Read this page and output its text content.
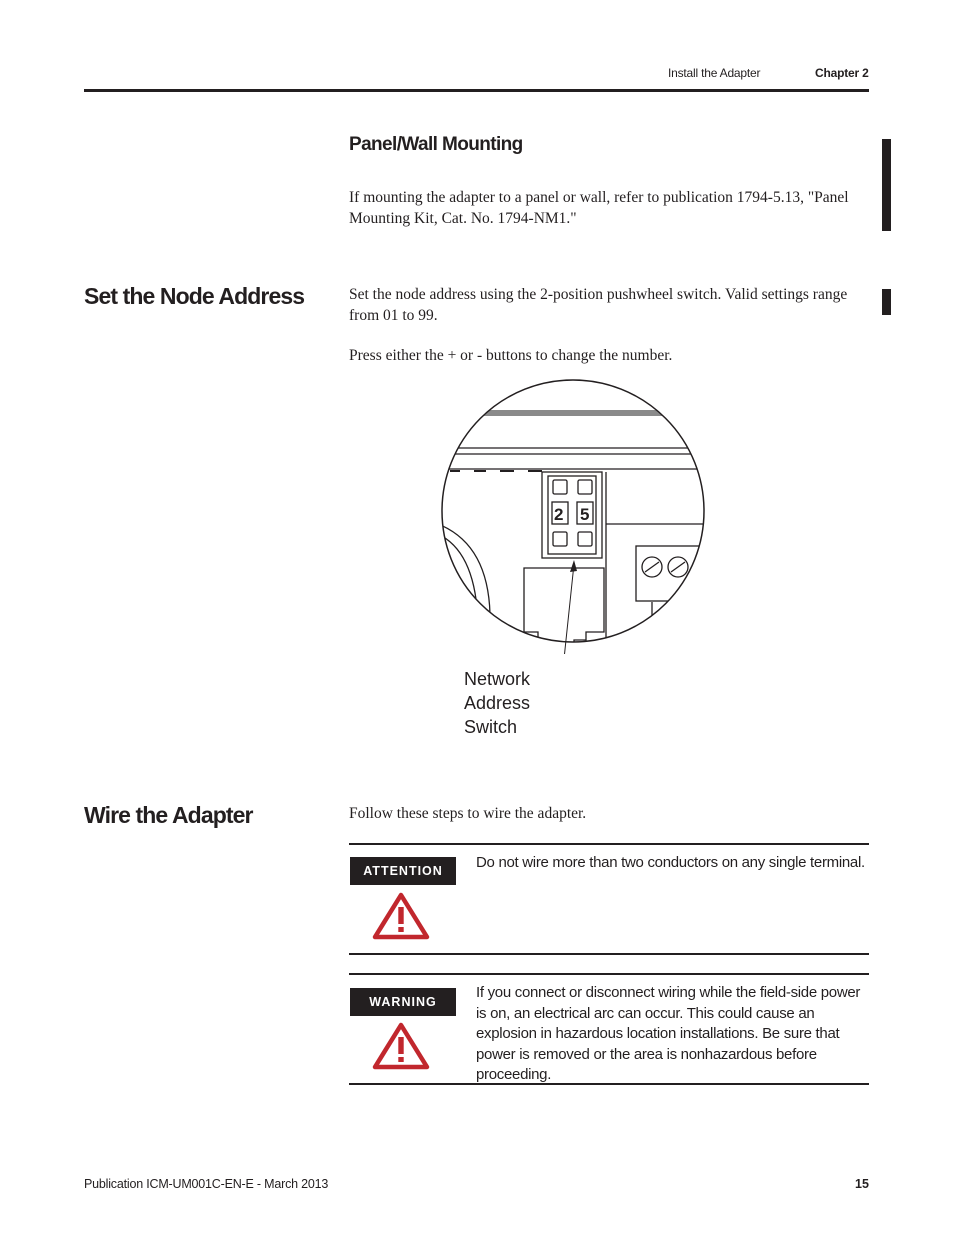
Install the Adapter	Chapter 2
Panel/Wall Mounting
If mounting the adapter to a panel or wall, refer to publication 1794-5.13, "Panel Mounting Kit, Cat. No. 1794-NM1."
Set the Node Address	Set the node address using the 2-position pushwheel switch. Valid settings range from 01 to 99.
Press either the + or - buttons to change the number.
2 5
Network
Address
Switch
Wire the Adapter	Follow these steps to wire the adapter.
ATTENTION	Do not wire more than two conductors on any single terminal.
WARNING
If you connect or disconnect wiring while the field-side power is on, an electrical arc can occur. This could cause an explosion in hazardous location installations. Be sure that power is removed or the area is nonhazardous before proceeding.
Publication ICM-UM001C-EN-E - March 2013	15
